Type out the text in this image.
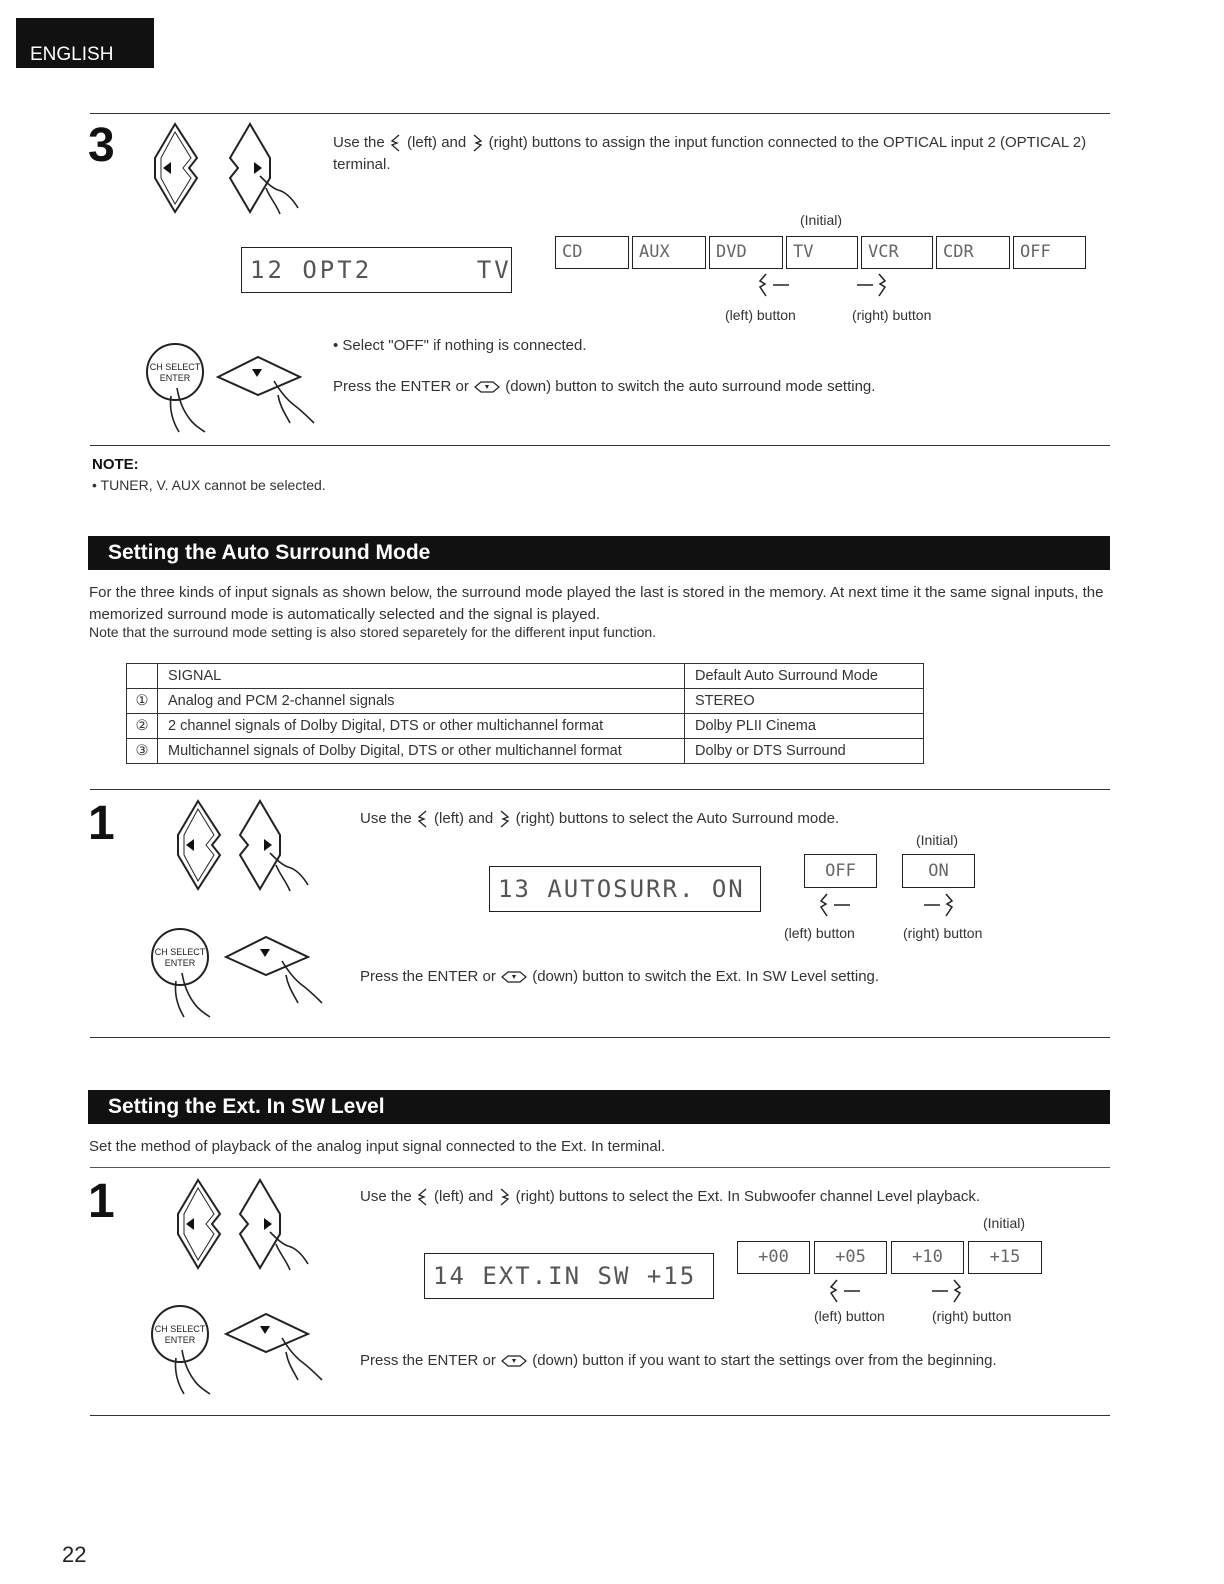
ENGLISH
3	Use the (left) and (right) buttons to assign the input function connected to the OPTICAL input 2 (OPTICAL 2) terminal.
(Initial)
12 OPT2      TV
CD	AUX	DVD	TV	VCR	CDR	OFF
(left) button	(right) button
• Select "OFF" if nothing is connected.
CH SELECT
ENTER	Press the ENTER or (down) button to switch the auto surround mode setting.
NOTE:
• TUNER, V. AUX cannot be selected.
Setting the Auto Surround Mode
For the three kinds of input signals as shown below, the surround mode played the last is stored in the memory. At next time it the same signal inputs, the memorized surround mode is automatically selected and the signal is played.
Note that the surround mode setting is also stored separetely for the different input function.
	SIGNAL	Default Auto Surround Mode
①	Analog and PCM 2-channel signals	STEREO
②	2 channel signals of Dolby Digital, DTS or other multichannel format	Dolby PLII Cinema
③	Multichannel signals of Dolby Digital, DTS or other multichannel format	Dolby or DTS Surround
1	Use the (left) and (right) buttons to select the Auto Surround mode.
(Initial)
13 AUTOSURR. ON
OFF	ON
(left) button	(right) button
CH SELECT
ENTER
Press the ENTER or (down) button to switch the Ext. In SW Level setting.
Setting the Ext. In SW Level
Set the method of playback of the analog input signal connected to the Ext. In terminal.
1	Use the (left) and (right) buttons to select the Ext. In Subwoofer channel Level playback.
(Initial)
14 EXT.IN SW +15
+00	+05	+10	+15
(left) button	(right) button
CH SELECT
ENTER
Press the ENTER or (down) button if you want to start the settings over from the beginning.
22
